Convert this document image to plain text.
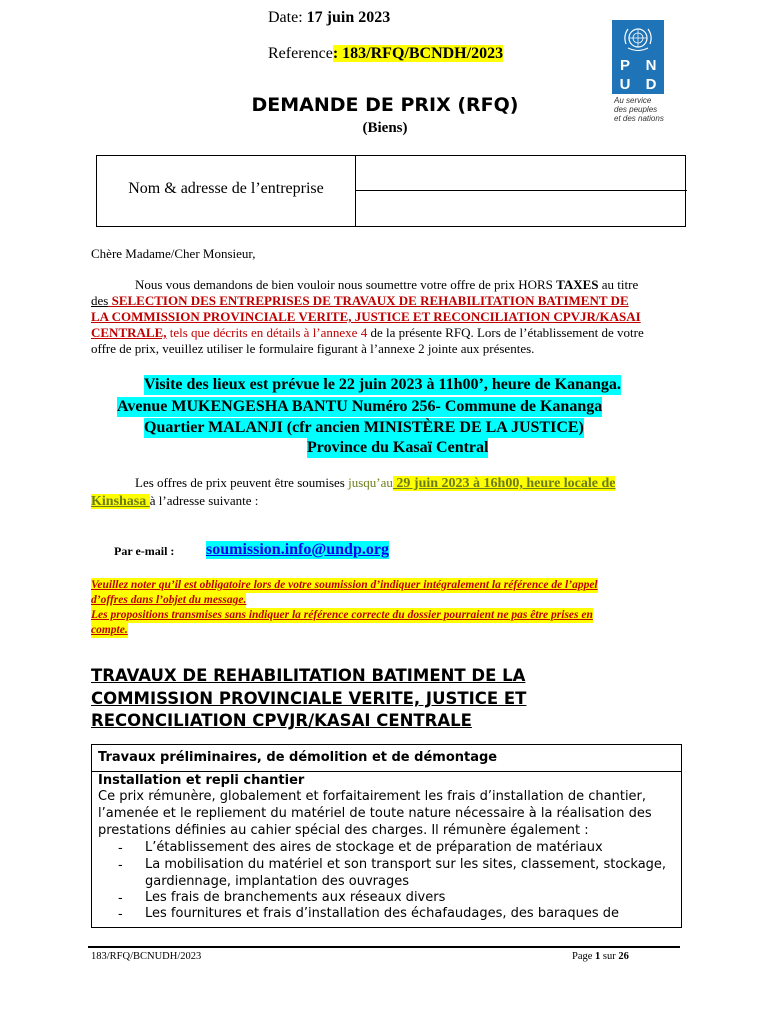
P	N
U	D
Au service
des peuples
et des nations
DEMANDE DE PRIX (RFQ)
(Biens)
Nom & adresse de l’entreprise
Date: 17 juin 2023
Reference: 183/RFQ/BCNDH/2023
Chère Madame/Cher Monsieur,
Nous vous demandons de bien vouloir nous soumettre votre offre de prix HORS TAXES au titre
des SELECTION DES ENTREPRISES DE TRAVAUX DE REHABILITATION BATIMENT DE
LA COMMISSION PROVINCIALE VERITE, JUSTICE ET RECONCILIATION CPVJR/KASAI
CENTRALE, tels que décrits en détails à l’annexe 4 de la présente RFQ. Lors de l’établissement de votre
offre de prix, veuillez utiliser le formulaire figurant à l’annexe 2 jointe aux présentes.
Visite des lieux est prévue le 22 juin 2023 à 11h00’, heure de Kananga.
Avenue MUKENGESHA BANTU Numéro 256- Commune de Kananga
Quartier MALANJI (cfr ancien MINISTÈRE DE LA JUSTICE)
Province du Kasaï Central
Les offres de prix peuvent être soumises jusqu’au 29 juin 2023 à 16h00, heure locale de
Kinshasa à l’adresse suivante :
Par e-mail : soumission.info@undp.org
Veuillez noter qu’il est obligatoire lors de votre soumission d’indiquer intégralement la référence de l’appel
d’offres dans l’objet du message.
Les propositions transmises sans indiquer la référence correcte du dossier pourraient ne pas être prises en
compte.
TRAVAUX DE REHABILITATION BATIMENT DE LA
COMMISSION PROVINCIALE VERITE, JUSTICE ET
RECONCILIATION CPVJR/KASAI CENTRALE
Travaux préliminaires, de démolition et de démontage
Installation et repli chantier
Ce prix rémunère, globalement et forfaitairement les frais d’installation de chantier,
l’amenée et le repliement du matériel de toute nature nécessaire à la réalisation des
prestations définies au cahier spécial des charges. Il rémunère également :
- L’établissement des aires de stockage et de préparation de matériaux
- La mobilisation du matériel et son transport sur les sites, classement, stockage,
gardiennage, implantation des ouvrages
- Les frais de branchements aux réseaux divers
- Les fournitures et frais d’installation des échafaudages, des baraques de
183/RFQ/BCNUDH/2023	Page 1 sur 26
